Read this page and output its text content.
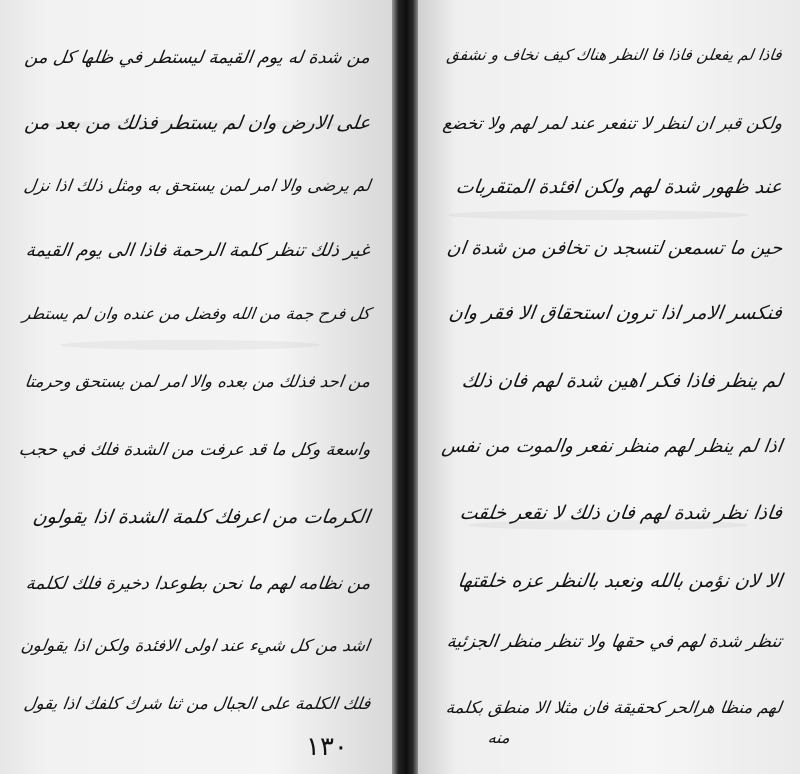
من شدة له يوم القيمة ليستطر في ظلها كل من
على الارض وان لم يستطر فذلك من بعد من
لم يرضى والا امر لمن يستحق به ومثل ذلك اذا نزل
غير ذلك تنظر كلمة الرحمة فاذا الى يوم القيمة
كل فرح جمة من الله وفضل من عنده وان لم يستطر
من احد فذلك من بعده والا امر لمن يستحق وحرمتا
واسعة وكل ما قد عرفت من الشدة فلك في حجب
الكرمات من اعرفك كلمة الشدة اذا يقولون
من نظامه لهم ما نحن بطوعدا دخيرة فلك لكلمة
اشد من كل شيء عند اولى الافئدة ولكن اذا يقولون
فلك الكلمة على الجبال من ثنا شرك كلفك اذا يقول
١٣٠
فاذا لم يفعلن فاذا فا النظر هناك كيف نخاف و نشفق
ولكن قبر ان لنظر لا تنفعر عند لمر لهم ولا تخضع
عند ظهور شدة لهم ولكن افئدة المتقربات
حين ما تسمعن لتسجد ن تخافن من شدة ان
فنكسر الامر اذا ترون استحقاق الا فقر وان
لم ينظر فاذا فكر اهين شدة لهم فان ذلك
اذا لم ينظر لهم منظر نفعر والموت من نفس
فاذا نظر شدة لهم فان ذلك لا نقعر خلقت
الا لان نؤمن بالله ونعبد بالنظر عزه خلقتها
تنظر شدة لهم في حقها ولا تنظر منظر الجزئية
لهم منظا هرالحر كحقيقة فان مثلا الا منطق بكلمة
منه
